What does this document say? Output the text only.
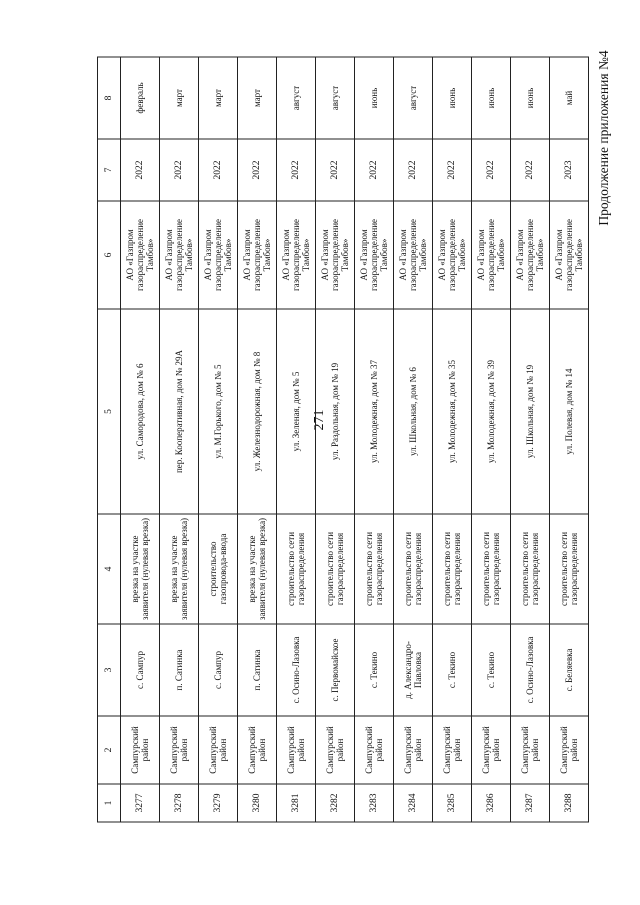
271
Продолжение приложения №4
1	2	3	4	5	6	7	8
3277	Сампурский район	с. Сампур	врезка на участке заявителя (нулевая врезка)	ул. Самородова, дом № 6	АО «Газпром газораспределение Тамбов»	2022	февраль
3278	Сампурский район	п. Сатинка	врезка на участке заявителя (нулевая врезка)	пер. Кооперативная, дом № 29А	АО «Газпром газораспределение Тамбов»	2022	март
3279	Сампурский район	с. Сампур	строительство газопровода-ввода	ул. М.Горького, дом № 5	АО «Газпром газораспределение Тамбов»	2022	март
3280	Сампурский район	п. Сатинка	врезка на участке заявителя (нулевая врезка)	ул. Железнодорожная, дом № 8	АО «Газпром газораспределение Тамбов»	2022	март
3281	Сампурский район	с. Осино-Лазовка	строительство сети газораспределения	ул. Зеленая, дом № 5	АО «Газпром газораспределение Тамбов»	2022	август
3282	Сампурский район	с. Первомайское	строительство сети газораспределения	ул. Раздольная, дом № 19	АО «Газпром газораспределение Тамбов»	2022	август
3283	Сампурский район	с. Текино	строительство сети газораспределения	ул. Молодежная, дом № 37	АО «Газпром газораспределение Тамбов»	2022	июнь
3284	Сампурский район	д. Александро-Павловка	строительство сети газораспределения	ул. Школьная, дом № 6	АО «Газпром газораспределение Тамбов»	2022	август
3285	Сампурский район	с. Текино	строительство сети газораспределения	ул. Молодежная, дом № 35	АО «Газпром газораспределение Тамбов»	2022	июнь
3286	Сампурский район	с. Текино	строительство сети газораспределения	ул. Молодежная, дом № 39	АО «Газпром газораспределение Тамбов»	2022	июнь
3287	Сампурский район	с. Осино-Лазовка	строительство сети газораспределения	ул. Школьная, дом № 19	АО «Газпром газораспределение Тамбов»	2022	июнь
3288	Сампурский район	с. Беляевка	строительство сети газораспределения	ул. Полевая, дом № 14	АО «Газпром газораспределение Тамбов»	2023	май
